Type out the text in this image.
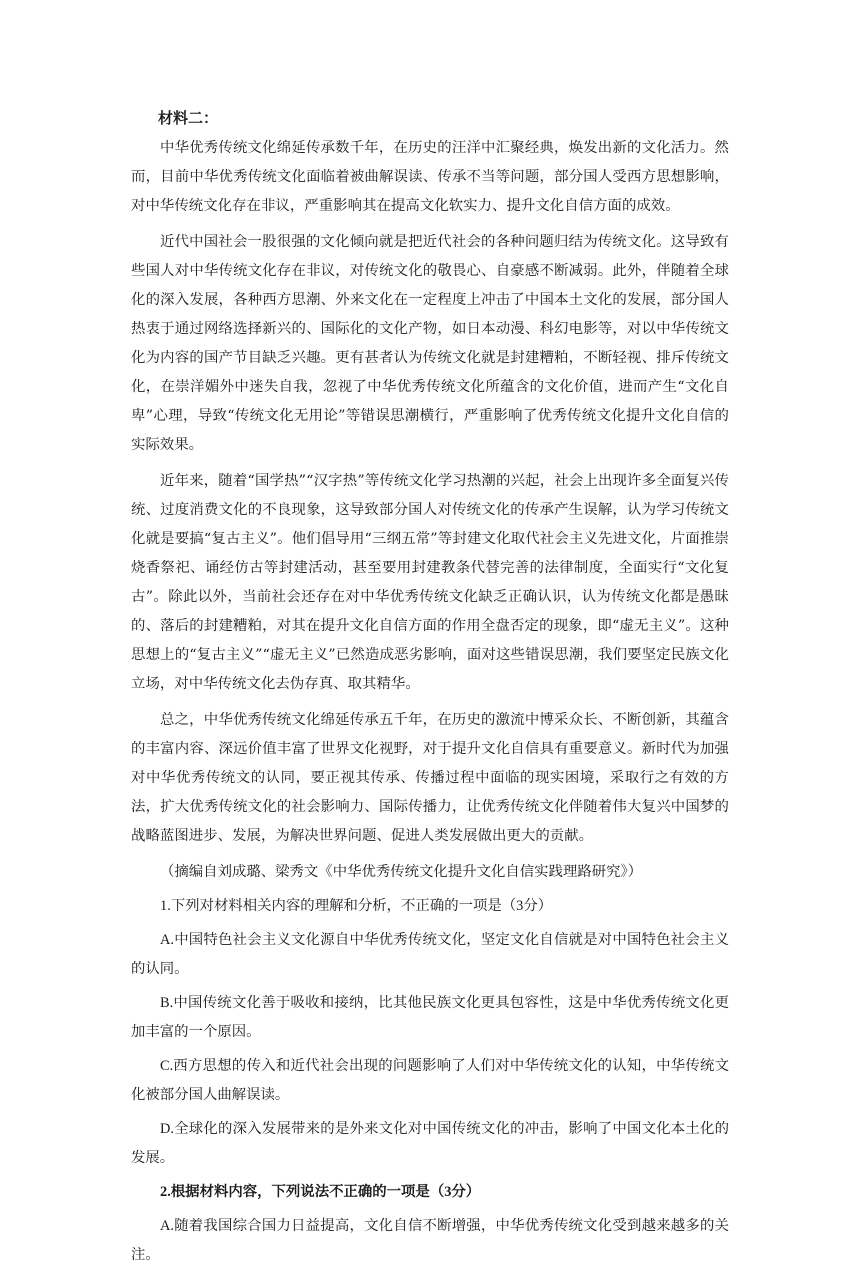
材料二：

中华优秀传统文化绵延传承数千年，在历史的汪洋中汇聚经典，焕发出新的文化活力。然而，目前中华优秀传统文化面临着被曲解误读、传承不当等问题，部分国人受西方思想影响，对中华传统文化存在非议，严重影响其在提高文化软实力、提升文化自信方面的成效。

近代中国社会一股很强的文化倾向就是把近代社会的各种问题归结为传统文化。这导致有些国人对中华传统文化存在非议，对传统文化的敬畏心、自豪感不断减弱。此外，伴随着全球化的深入发展，各种西方思潮、外来文化在一定程度上冲击了中国本土文化的发展，部分国人热衷于通过网络选择新兴的、国际化的文化产物，如日本动漫、科幻电影等，对以中华传统文化为内容的国产节目缺乏兴趣。更有甚者认为传统文化就是封建糟粕，不断轻视、排斥传统文化，在崇洋媚外中迷失自我，忽视了中华优秀传统文化所蕴含的文化价值，进而产生“文化自卑”心理，导致“传统文化无用论”等错误思潮横行，严重影响了优秀传统文化提升文化自信的实际效果。

近年来，随着“国学热”“汉字热”等传统文化学习热潮的兴起，社会上出现许多全面复兴传统、过度消费文化的不良现象，这导致部分国人对传统文化的传承产生误解，认为学习传统文化就是要搞“复古主义”。他们倡导用“三纲五常”等封建文化取代社会主义先进文化，片面推崇烧香祭祀、诵经仿古等封建活动，甚至要用封建教条代替完善的法律制度，全面实行“文化复古”。除此以外，当前社会还存在对中华优秀传统文化缺乏正确认识，认为传统文化都是愚昧的、落后的封建糟粕，对其在提升文化自信方面的作用全盘否定的现象，即“虚无主义”。这种思想上的“复古主义”“虚无主义”已然造成恶劣影响，面对这些错误思潮，我们要坚定民族文化立场，对中华传统文化去伪存真、取其精华。

总之，中华优秀传统文化绵延传承五千年，在历史的激流中博采众长、不断创新，其蕴含的丰富内容、深远价值丰富了世界文化视野，对于提升文化自信具有重要意义。新时代为加强对中华优秀传统文的认同，要正视其传承、传播过程中面临的现实困境，采取行之有效的方法，扩大优秀传统文化的社会影响力、国际传播力，让优秀传统文化伴随着伟大复兴中国梦的战略蓝图进步、发展，为解决世界问题、促进人类发展做出更大的贡献。

（摘编自刘成璐、梁秀文《中华优秀传统文化提升文化自信实践理路研究》）

1.下列对材料相关内容的理解和分析，不正确的一项是（3分）

A.中国特色社会主义文化源自中华优秀传统文化，坚定文化自信就是对中国特色社会主义的认同。

B.中国传统文化善于吸收和接纳，比其他民族文化更具包容性，这是中华优秀传统文化更加丰富的一个原因。

C.西方思想的传入和近代社会出现的问题影响了人们对中华传统文化的认知，中华传统文化被部分国人曲解误读。

D.全球化的深入发展带来的是外来文化对中国传统文化的冲击，影响了中国文化本土化的发展。

2.根据材料内容，下列说法不正确的一项是（3分）

A.随着我国综合国力日益提高，文化自信不断增强，中华优秀传统文化受到越来越多的关注。
